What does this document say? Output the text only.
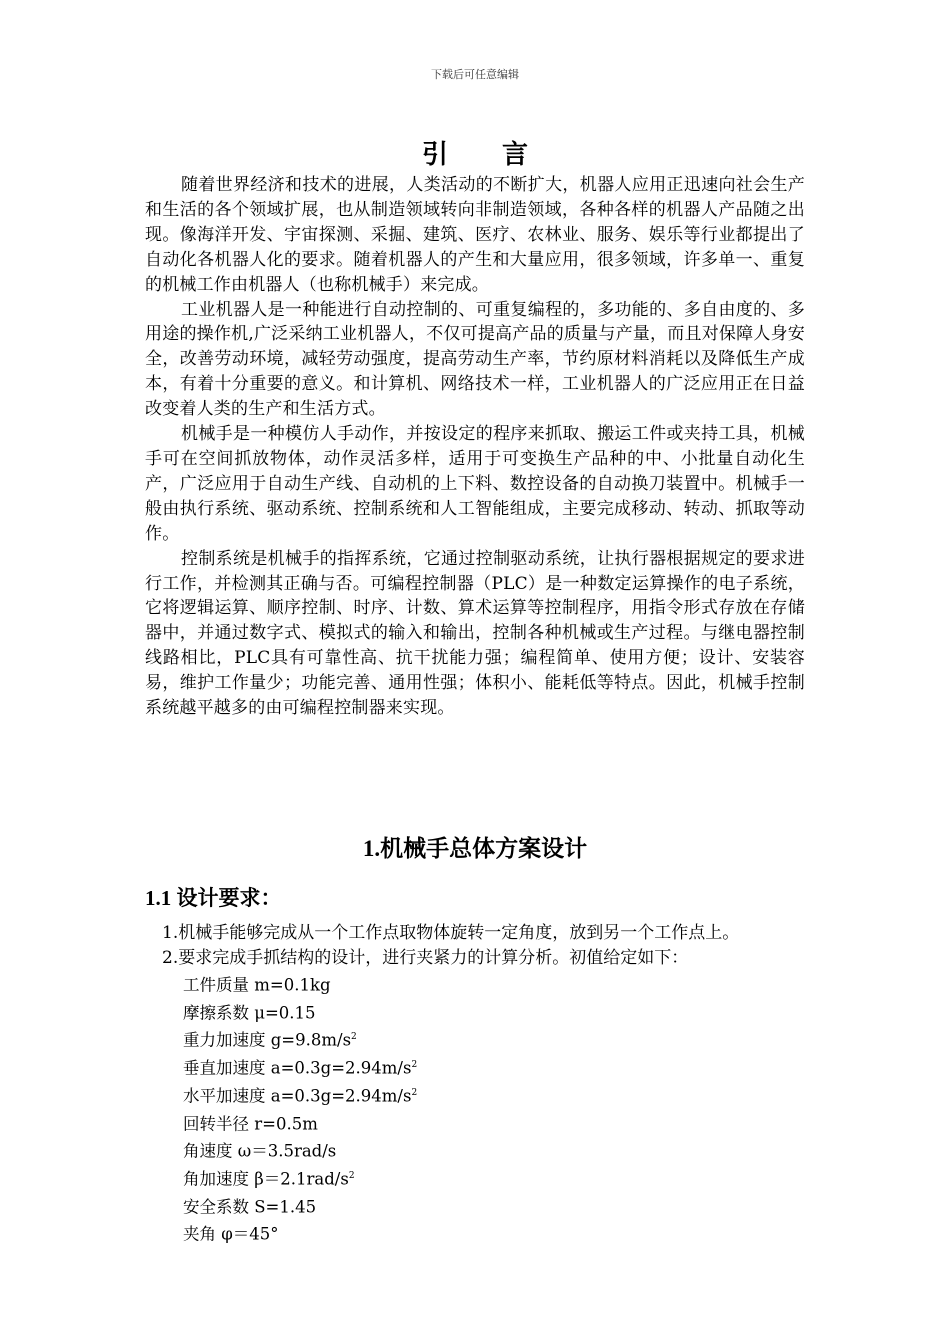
下载后可任意编辑
引 言

随着世界经济和技术的进展，人类活动的不断扩大，机器人应用正迅速向社会生产和生活的各个领域扩展，也从制造领域转向非制造领域，各种各样的机器人产品随之出现。像海洋开发、宇宙探测、采掘、建筑、医疗、农林业、服务、娱乐等行业都提出了自动化各机器人化的要求。随着机器人的产生和大量应用，很多领域，许多单一、重复的机械工作由机器人（也称机械手）来完成。

工业机器人是一种能进行自动控制的、可重复编程的，多功能的、多自由度的、多用途的操作机,广泛采纳工业机器人，不仅可提高产品的质量与产量，而且对保障人身安全，改善劳动环境，减轻劳动强度，提高劳动生产率，节约原材料消耗以及降低生产成本，有着十分重要的意义。和计算机、网络技术一样，工业机器人的广泛应用正在日益改变着人类的生产和生活方式。

机械手是一种模仿人手动作，并按设定的程序来抓取、搬运工件或夹持工具，机械手可在空间抓放物体，动作灵活多样，适用于可变换生产品种的中、小批量自动化生产，广泛应用于自动生产线、自动机的上下料、数控设备的自动换刀装置中。机械手一般由执行系统、驱动系统、控制系统和人工智能组成，主要完成移动、转动、抓取等动作。

控制系统是机械手的指挥系统，它通过控制驱动系统，让执行器根据规定的要求进行工作，并检测其正确与否。可编程控制器（PLC）是一种数定运算操作的电子系统，它将逻辑运算、顺序控制、时序、计数、算术运算等控制程序，用指令形式存放在存储器中，并通过数字式、模拟式的输入和输出，控制各种机械或生产过程。与继电器控制线路相比，PLC具有可靠性高、抗干扰能力强；编程简单、使用方便；设计、安装容易，维护工作量少；功能完善、通用性强；体积小、能耗低等特点。因此，机械手控制系统越平越多的由可编程控制器来实现。

1.机械手总体方案设计
1.1 设计要求：

1.机械手能够完成从一个工作点取物体旋转一定角度，放到另一个工作点上。

2.要求完成手抓结构的设计，进行夹紧力的计算分析。初值给定如下：

工件质量 m=0.1kg

摩擦系数 μ=0.15

重力加速度 $g=9.8m/s^2$

垂直加速度 $a=0.3g=2.94m/s^2$

水平加速度 $a=0.3g=2.94m/s^2$

回转半径 r=0.5m

角速度 ω＝3.5rad/s

角加速度 $\beta=2.1rad/s^2$

安全系数 S=1.45

夹角 φ＝45°
